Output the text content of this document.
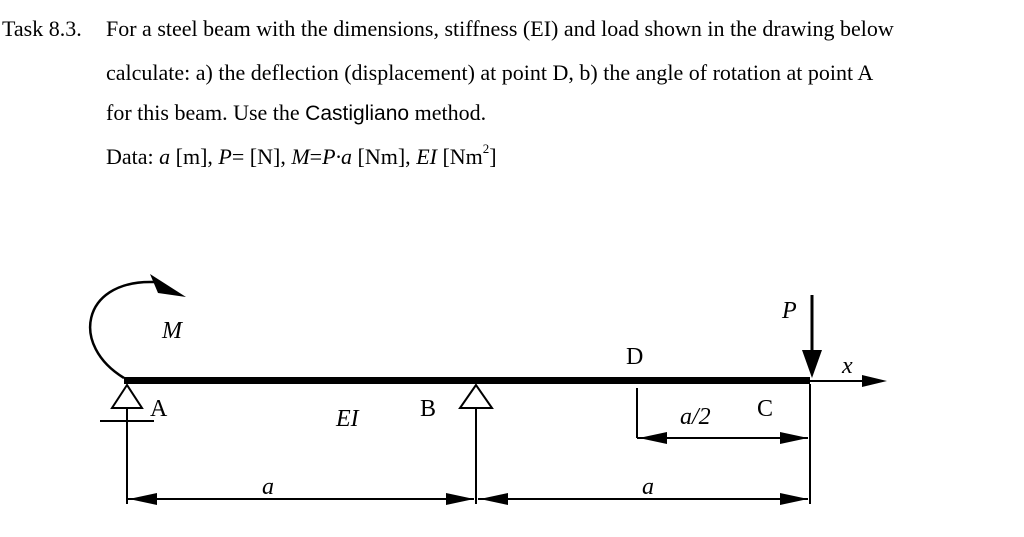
Task 8.3. For a steel beam with the dimensions, stiffness (EI) and load shown in the drawing below
calculate: a) the deflection (displacement) at point D, b) the angle of rotation at point A
for this beam. Use the Castigliano method.
Data: a [m], P= [N], M=P·a [Nm], EI [Nm$^2$]
M
P
x
A	B	C
D
EI	a/2
a	a
